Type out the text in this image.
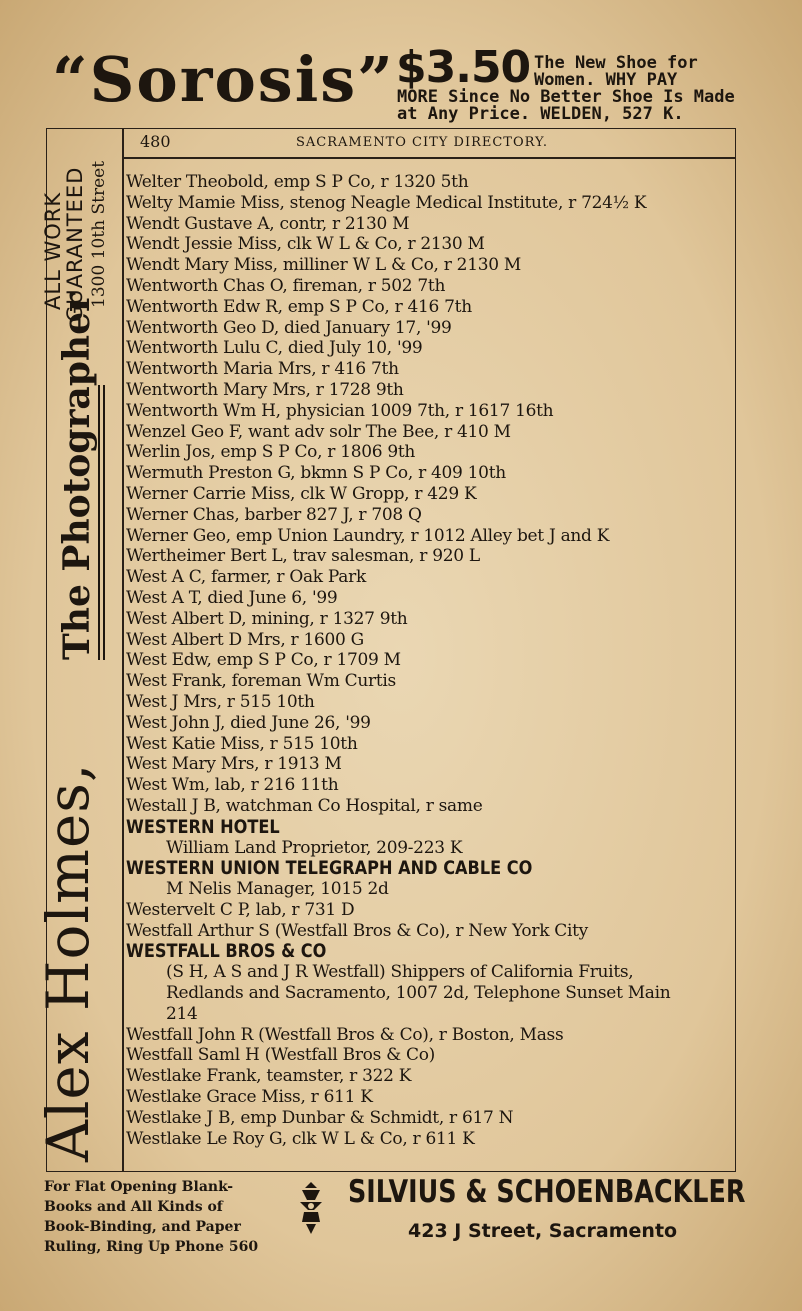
“Sorosis” $3.50 The New Shoe for
Women. WHY PAY
MORE Since No Better Shoe Is Made
at Any Price. WELDEN, 527 K.
480	SACRAMENTO CITY DIRECTORY.
Alex Holmes,
The Photographer
ALL WORK
GUARANTEED 1300 10th Street Welter Theobold, emp S P Co, r 1320 5th
Welty Mamie Miss, stenog Neagle Medical Institute, r 724½ K
Wendt Gustave A, contr, r 2130 M
Wendt Jessie Miss, clk W L & Co, r 2130 M
Wendt Mary Miss, milliner W L & Co, r 2130 M
Wentworth Chas O, fireman, r 502 7th
Wentworth Edw R, emp S P Co, r 416 7th
Wentworth Geo D, died January 17, '99
Wentworth Lulu C, died July 10, '99
Wentworth Maria Mrs, r 416 7th
Wentworth Mary Mrs, r 1728 9th
Wentworth Wm H, physician 1009 7th, r 1617 16th
Wenzel Geo F, want adv solr The Bee, r 410 M
Werlin Jos, emp S P Co, r 1806 9th
Wermuth Preston G, bkmn S P Co, r 409 10th
Werner Carrie Miss, clk W Gropp, r 429 K
Werner Chas, barber 827 J, r 708 Q
Werner Geo, emp Union Laundry, r 1012 Alley bet J and K
Wertheimer Bert L, trav salesman, r 920 L
West A C, farmer, r Oak Park
West A T, died June 6, '99
West Albert D, mining, r 1327 9th
West Albert D Mrs, r 1600 G
West Edw, emp S P Co, r 1709 M
West Frank, foreman Wm Curtis
West J Mrs, r 515 10th
West John J, died June 26, '99
West Katie Miss, r 515 10th
West Mary Mrs, r 1913 M
West Wm, lab, r 216 11th
Westall J B, watchman Co Hospital, r same
WESTERN HOTEL
William Land Proprietor, 209-223 K
WESTERN UNION TELEGRAPH AND CABLE CO
M Nelis Manager, 1015 2d
Westervelt C P, lab, r 731 D
Westfall Arthur S (Westfall Bros & Co), r New York City
WESTFALL BROS & CO
(S H, A S and J R Westfall) Shippers of California Fruits,
Redlands and Sacramento, 1007 2d, Telephone Sunset Main
214
Westfall John R (Westfall Bros & Co), r Boston, Mass
Westfall Saml H (Westfall Bros & Co)
Westlake Frank, teamster, r 322 K
Westlake Grace Miss, r 611 K
Westlake J B, emp Dunbar & Schmidt, r 617 N
Westlake Le Roy G, clk W L & Co, r 611 K
For Flat Opening Blank-
Books and All Kinds of
Book-Binding, and Paper
Ruling, Ring Up Phone 560
SILVIUS & SCHOENBACKLER
423 J Street, Sacramento
